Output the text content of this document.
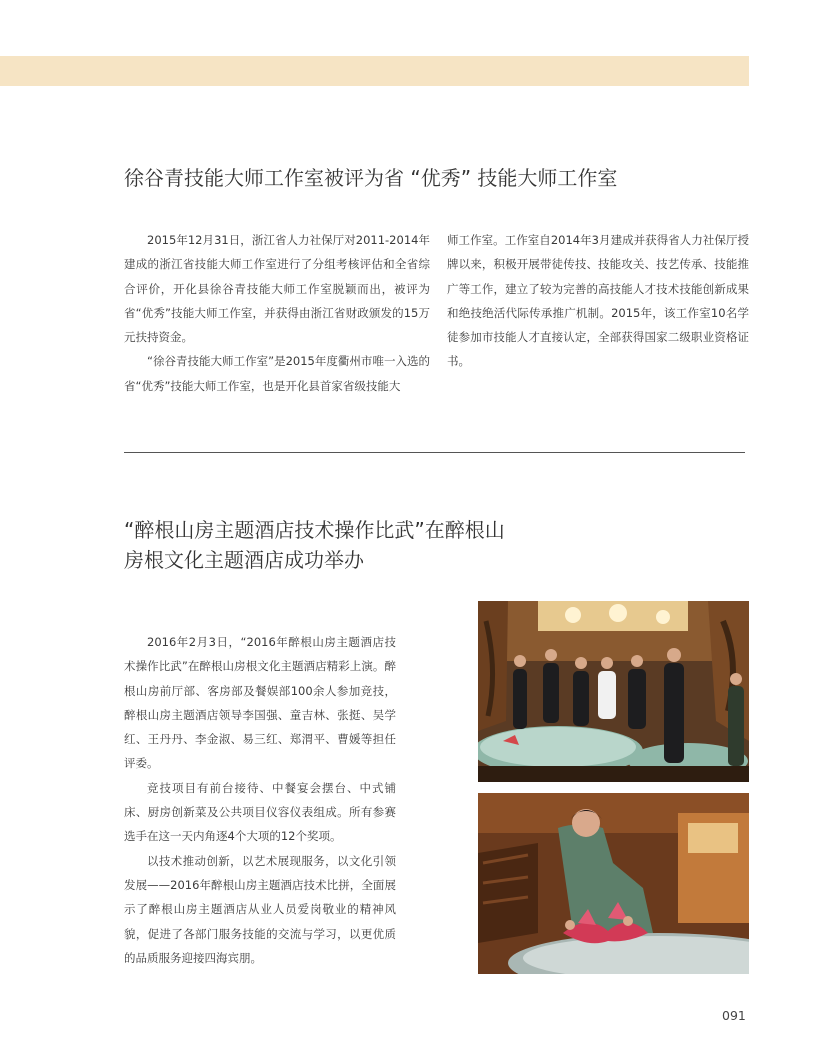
徐谷青技能大师工作室被评为省 “优秀” 技能大师工作室

2015年12月31日，浙江省人力社保厅对2011-2014年建成的浙江省技能大师工作室进行了分组考核评估和全省综合评价，开化县徐谷青技能大师工作室脱颖而出，被评为省“优秀”技能大师工作室，并获得由浙江省财政颁发的15万元扶持资金。

“徐谷青技能大师工作室”是2015年度衢州市唯一入选的省“优秀”技能大师工作室，也是开化县首家省级技能大

师工作室。工作室自2014年3月建成并获得省人力社保厅授牌以来，积极开展带徒传技、技能攻关、技艺传承、技能推广等工作，建立了较为完善的高技能人才技术技能创新成果和绝技绝活代际传承推广机制。2015年，该工作室10名学徒参加市技能人才直接认定，全部获得国家二级职业资格证书。

“醉根山房主题酒店技术操作比武”在醉根山
房根文化主题酒店成功举办

2016年2月3日，“2016年醉根山房主题酒店技术操作比武”在醉根山房根文化主题酒店精彩上演。醉根山房前厅部、客房部及餐娱部100余人参加竞技，醉根山房主题酒店领导李国强、童吉林、张挺、吴学红、王丹丹、李金淑、易三红、郑渭平、曹媛等担任评委。

竞技项目有前台接待、中餐宴会摆台、中式铺床、厨房创新菜及公共项目仪容仪表组成。所有参赛选手在这一天内角逐4个大项的12个奖项。

以技术推动创新，以艺术展现服务，以文化引领发展——2016年醉根山房主题酒店技术比拼，全面展示了醉根山房主题酒店从业人员爱岗敬业的精神风貌，促进了各部门服务技能的交流与学习，以更优质的品质服务迎接四海宾朋。

091
